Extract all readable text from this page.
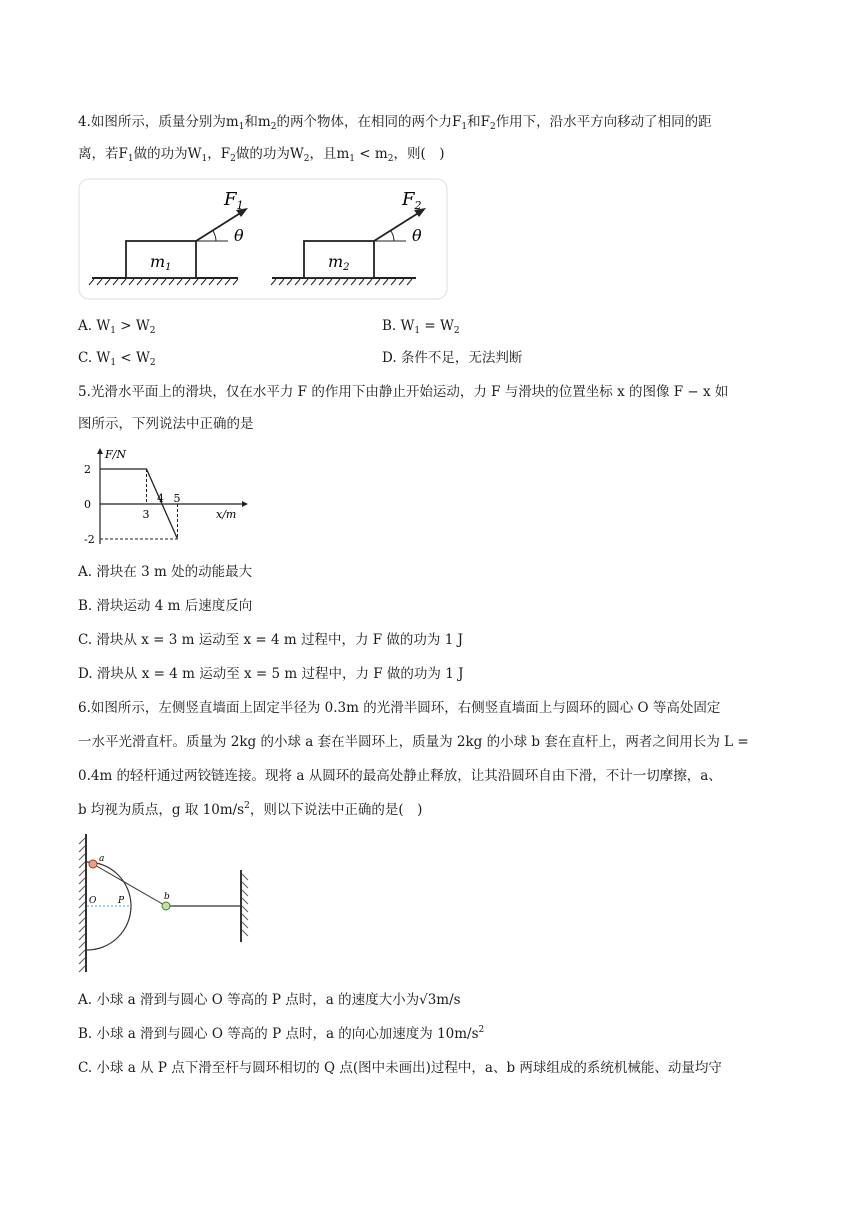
4.如图所示，质量分别为$m_1$和$m_2$的两个物体，在相同的两个力$F_1$和$F_2$作用下，沿水平方向移动了相同的距
离，若$F_1$做的功为$W_1$，$F_2$做的功为$W_2$，且$m_1 < m_2$，则(　)
$F_1$
θ
m1
$F_2$
θ
m2
A. $W_1 > W_2$	B. $W_1 = W_2$
C. $W_1 < W_2$	D. 条件不足，无法判断
5.光滑水平面上的滑块，仅在水平力 F 的作用下由静止开始运动，力 F 与滑块的位置坐标 x 的图像 F − x 如
图所示，下列说法中正确的是
2
0
-2
3
4 5
F/N
x/m
A. 滑块在 3 m 处的动能最大
B. 滑块运动 4 m 后速度反向
C. 滑块从 x = 3 m 运动至 x = 4 m 过程中，力 F 做的功为 1 J
D. 滑块从 x = 4 m 运动至 x = 5 m 过程中，力 F 做的功为 1 J
6.如图所示，左侧竖直墙面上固定半径为 0.3m 的光滑半圆环，右侧竖直墙面上与圆环的圆心 O 等高处固定
一水平光滑直杆。质量为 2kg 的小球 a 套在半圆环上，质量为 2kg 的小球 b 套在直杆上，两者之间用长为 L =
0.4m 的轻杆通过两铰链连接。现将 a 从圆环的最高处静止释放，让其沿圆环自由下滑，不计一切摩擦，a、
b 均视为质点，g 取 $10m/s^2$，则以下说法中正确的是(　)
a
b
O P
A. 小球 a 滑到与圆心 O 等高的 P 点时，a 的速度大小为√3m/s
B. 小球 a 滑到与圆心 O 等高的 P 点时，a 的向心加速度为 $10m/s^2$
C. 小球 a 从 P 点下滑至杆与圆环相切的 Q 点(图中未画出)过程中，a、b 两球组成的系统机械能、动量均守
